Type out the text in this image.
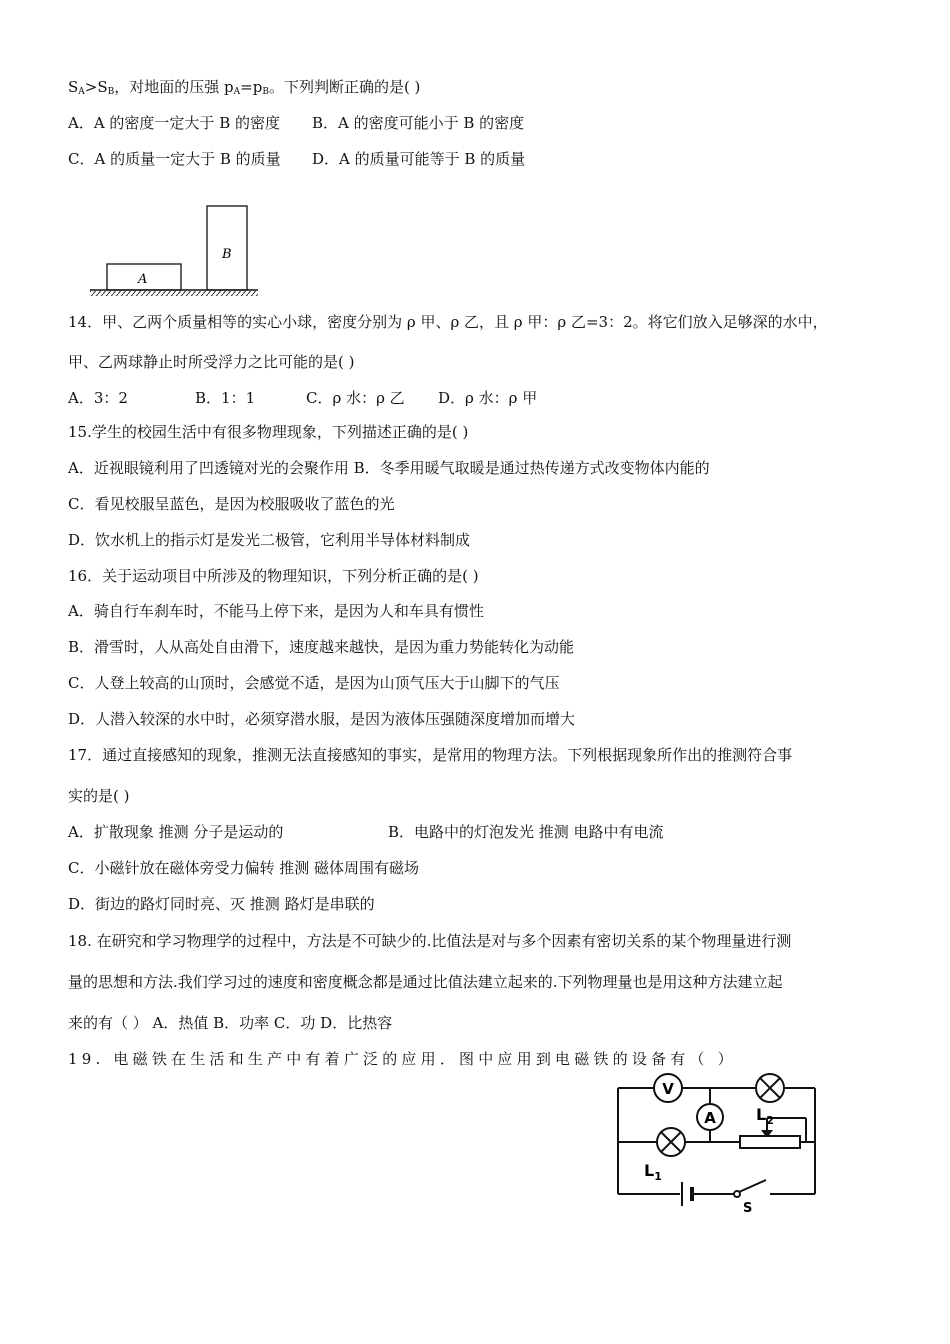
$S_A>S_B$，对地面的压强 $p_A=p_B$。下列判断正确的是( )
A．A 的密度一定大于 B 的密度 B．A 的密度可能小于 B 的密度
C．A 的质量一定大于 B 的质量 D．A 的质量可能等于 B 的质量
A
B
14．甲、乙两个质量相等的实心小球，密度分别为 ρ 甲、ρ 乙，且 ρ 甲：ρ 乙=3：2。将它们放入足够深的水中，
甲、乙两球静止时所受浮力之比可能的是( )
A．3：2	B．1：1	C．ρ 水：ρ 乙 D．ρ 水：ρ 甲
15.学生的校园生活中有很多物理现象，下列描述正确的是( )
A．近视眼镜利用了凹透镜对光的会聚作用 B．冬季用暖气取暖是通过热传递方式改变物体内能的
C．看见校服呈蓝色，是因为校服吸收了蓝色的光
D．饮水机上的指示灯是发光二极管，它利用半导体材料制成
16．关于运动项目中所涉及的物理知识，下列分析正确的是( )
A．骑自行车刹车时，不能马上停下来，是因为人和车具有惯性
B．滑雪时，人从高处自由滑下，速度越来越快，是因为重力势能转化为动能
C．人登上较高的山顶时，会感觉不适，是因为山顶气压大于山脚下的气压
D．人潜入较深的水中时，必须穿潜水服，是因为液体压强随深度增加而增大
17．通过直接感知的现象，推测无法直接感知的事实，是常用的物理方法。下列根据现象所作出的推测符合事
实的是( )
A．扩散现象 推测 分子是运动的	B．电路中的灯泡发光 推测 电路中有电流
C．小磁针放在磁体旁受力偏转 推测 磁体周围有磁场
D．街边的路灯同时亮、灭 推测 路灯是串联的
18. 在研究和学习物理学的过程中，方法是不可缺少的.比值法是对与多个因素有密切关系的某个物理量进行测
量的思想和方法.我们学习过的速度和密度概念都是通过比值法建立起来的.下列物理量也是用这种方法建立起
来的有（ ） A．热值 B．功率 C．功 D．比热容
19. 电磁铁在生活和生产中有着广泛的应用．图中应用到电磁铁的设备有（ ）
V
$L_2$
A
$L_1$
S
